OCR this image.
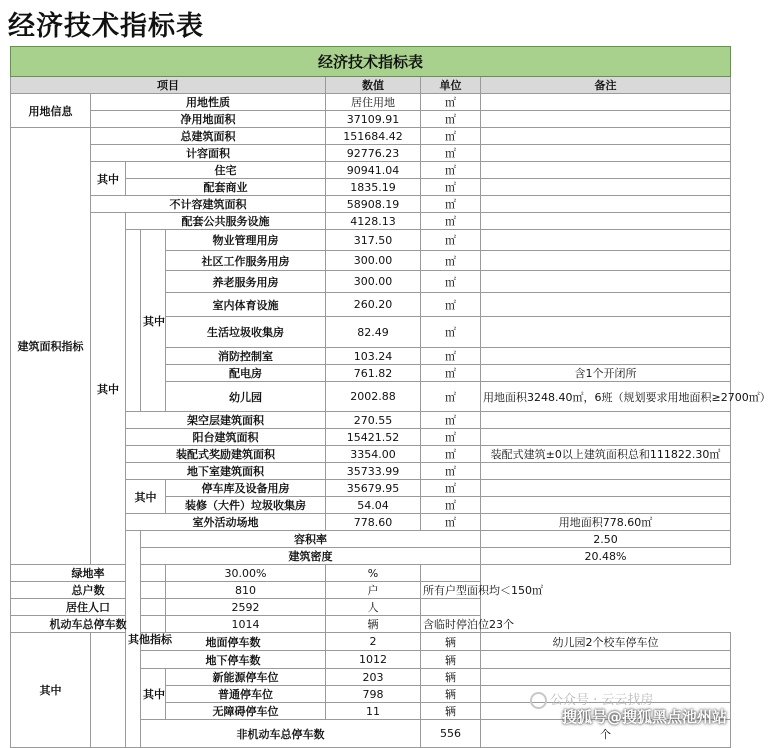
经济技术指标表
经济技术指标表								
项目					数值	单位	备注	
用地信息	用地性质				居住用地	㎡		
	净用地面积				37109.91	㎡		
建筑面积指标	总建筑面积				151684.42	㎡		
	计容面积				92776.23	㎡		
	其中	住宅			90941.04	㎡		
		配套商业			1835.19	㎡		
	不计容建筑面积				58908.19	㎡		
	其中	配套公共服务设施			4128.13	㎡		
			其中	物业管理用房	317.50	㎡		
				社区工作服务用房	300.00	㎡		
				养老服务用房	300.00	㎡		
				室内体育设施	260.20	㎡		
				生活垃圾收集房	82.49	㎡		
				消防控制室	103.24	㎡		
				配电房	761.82	㎡	含1个开闭所	
				幼儿园	2002.88	㎡	用地面积3248.40㎡，6班（规划要求用地面积≥2700㎡）	
		架空层建筑面积			270.55	㎡		
		阳台建筑面积			15421.52	㎡		
		装配式奖励建筑面积			3354.00	㎡	装配式建筑±0以上建筑面积总和111822.30㎡	
		地下室建筑面积			35733.99	㎡		
		其中		停车库及设备用房	35679.95	㎡		
				装修（大件）垃圾收集房	54.04	㎡		
		室外活动场地			778.60	㎡	用地面积778.60㎡	
		其他指标	容积率				2.50		
			建筑密度				20.48%		
绿地率				30.00%	%			
总户数				810	户	所有户型面积均＜150㎡		
居住人口				2592	人			
机动车总停车数				1014	辆	含临时停泊位23个		
其中			地面停车数		2	辆	幼儿园2个校车停车位	
			地下停车数		1012	辆		
			其中	新能源停车位	203	辆		
				普通停车位	798	辆		
				无障碍停车位	11	辆		
			非机动车总停车数			556	个	
公众号 · 云云找房
搜狐号@搜狐黑点池州站
